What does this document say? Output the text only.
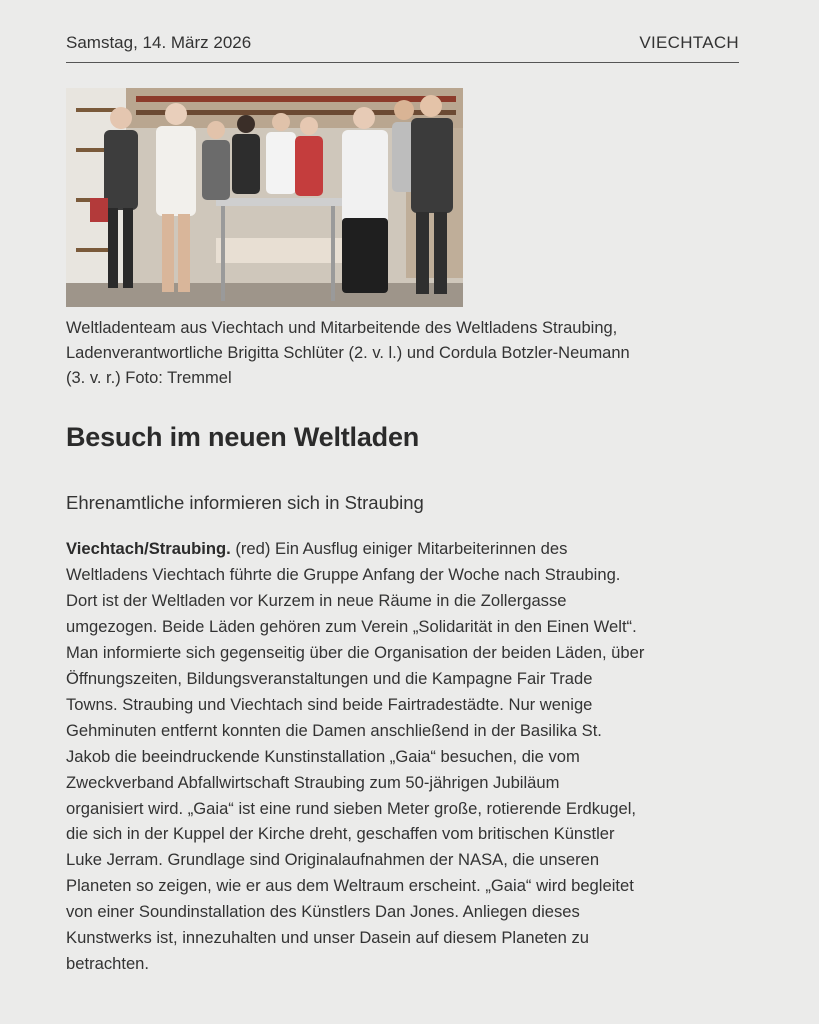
Samstag, 14. März 2026	VIECHTACH
Weltladenteam aus Viechtach und Mitarbeitende des Weltladens Straubing,
Ladenverantwortliche Brigitta Schlüter (2. v. l.) und Cordula Botzler-Neumann
(3. v. r.) Foto: Tremmel
Besuch im neuen Weltladen
Ehrenamtliche informieren sich in Straubing
Viechtach/Straubing. (red) Ein Ausflug einiger Mitarbeiterinnen des
Weltladens Viechtach führte die Gruppe Anfang der Woche nach Straubing.
Dort ist der Weltladen vor Kurzem in neue Räume in die Zollergasse
umgezogen. Beide Läden gehören zum Verein „Solidarität in den Einen Welt“.
Man informierte sich gegenseitig über die Organisation der beiden Läden, über
Öffnungszeiten, Bildungsveranstaltungen und die Kampagne Fair Trade
Towns. Straubing und Viechtach sind beide Fairtradestädte. Nur wenige
Gehminuten entfernt konnten die Damen anschließend in der Basilika St.
Jakob die beeindruckende Kunstinstallation „Gaia“ besuchen, die vom
Zweckverband Abfallwirtschaft Straubing zum 50-jährigen Jubiläum
organisiert wird. „Gaia“ ist eine rund sieben Meter große, rotierende Erdkugel,
die sich in der Kuppel der Kirche dreht, geschaffen vom britischen Künstler
Luke Jerram. Grundlage sind Originalaufnahmen der NASA, die unseren
Planeten so zeigen, wie er aus dem Weltraum erscheint. „Gaia“ wird begleitet
von einer Soundinstallation des Künstlers Dan Jones. Anliegen dieses
Kunstwerks ist, innezuhalten und unser Dasein auf diesem Planeten zu
betrachten.
